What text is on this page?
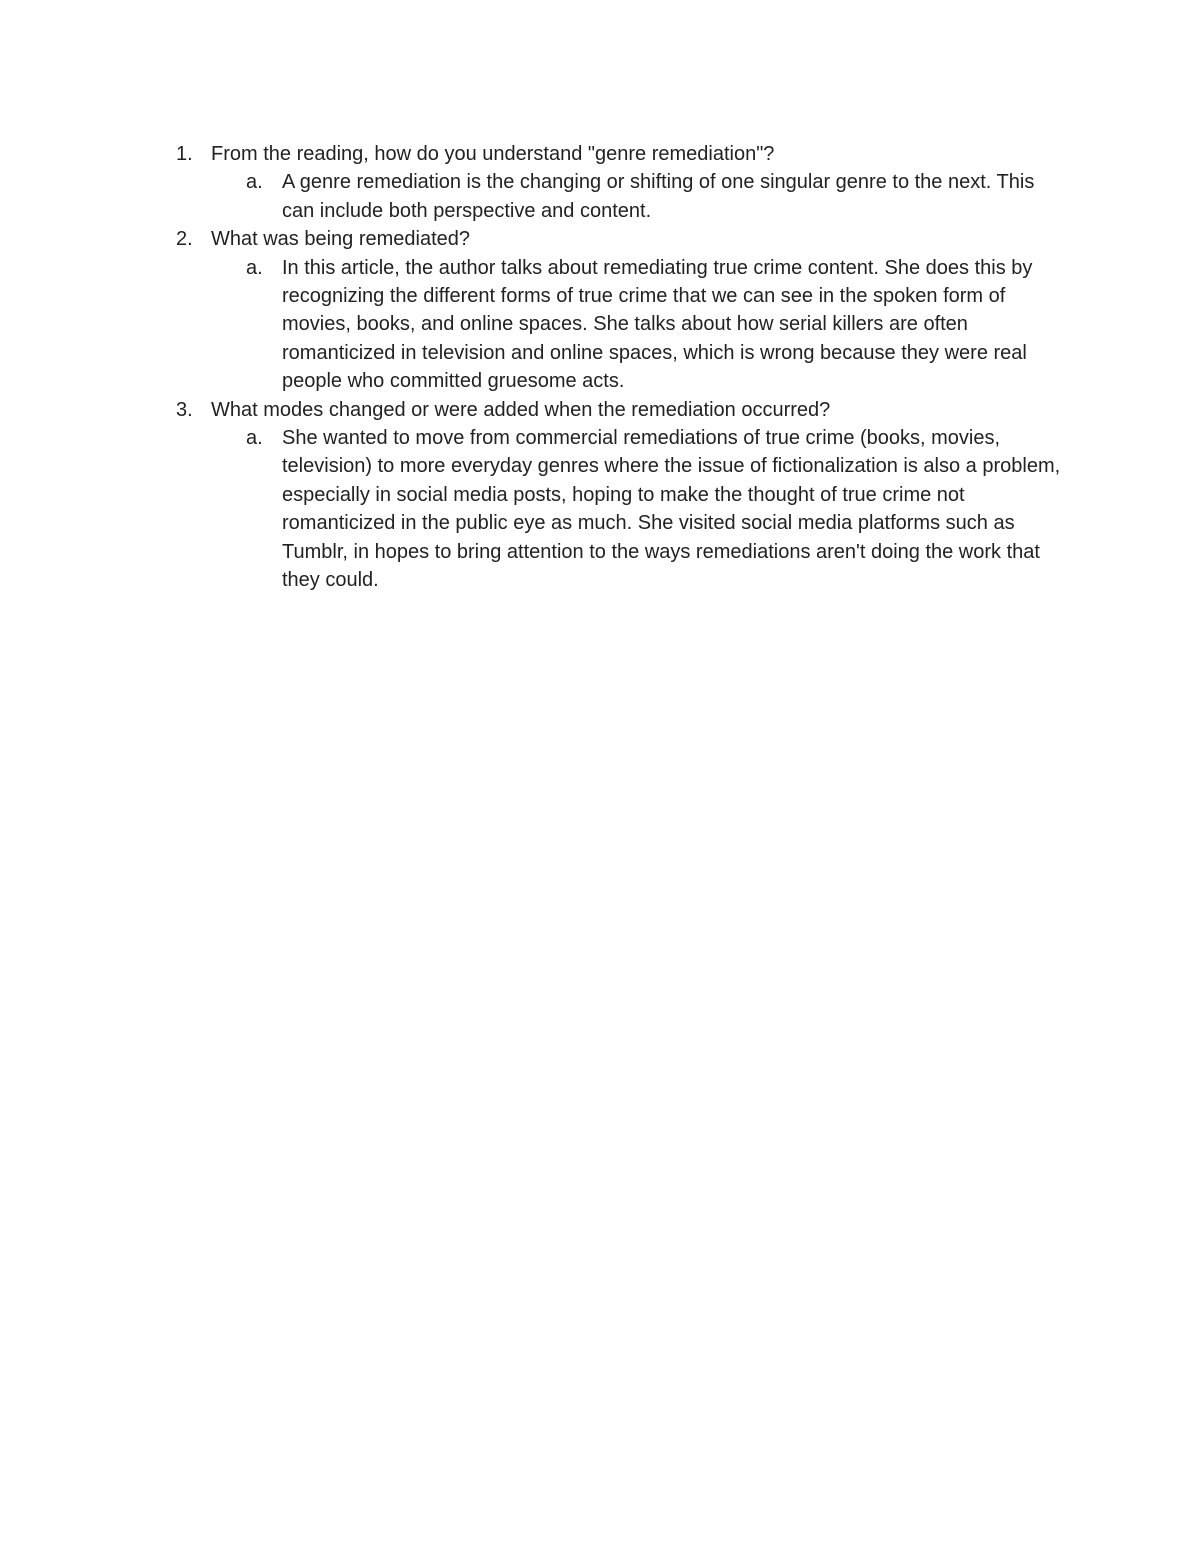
1. From the reading, how do you understand "genre remediation"?
a. A genre remediation is the changing or shifting of one singular genre to the next. This can include both perspective and content.
2. What was being remediated?
a. In this article, the author talks about remediating true crime content. She does this by recognizing the different forms of true crime that we can see in the spoken form of movies, books, and online spaces. She talks about how serial killers are often romanticized in television and online spaces, which is wrong because they were real people who committed gruesome acts.
3. What modes changed or were added when the remediation occurred?
a. She wanted to move from commercial remediations of true crime (books, movies, television) to more everyday genres where the issue of fictionalization is also a problem, especially in social media posts, hoping to make the thought of true crime not romanticized in the public eye as much. She visited social media platforms such as Tumblr, in hopes to bring attention to the ways remediations aren't doing the work that they could.
